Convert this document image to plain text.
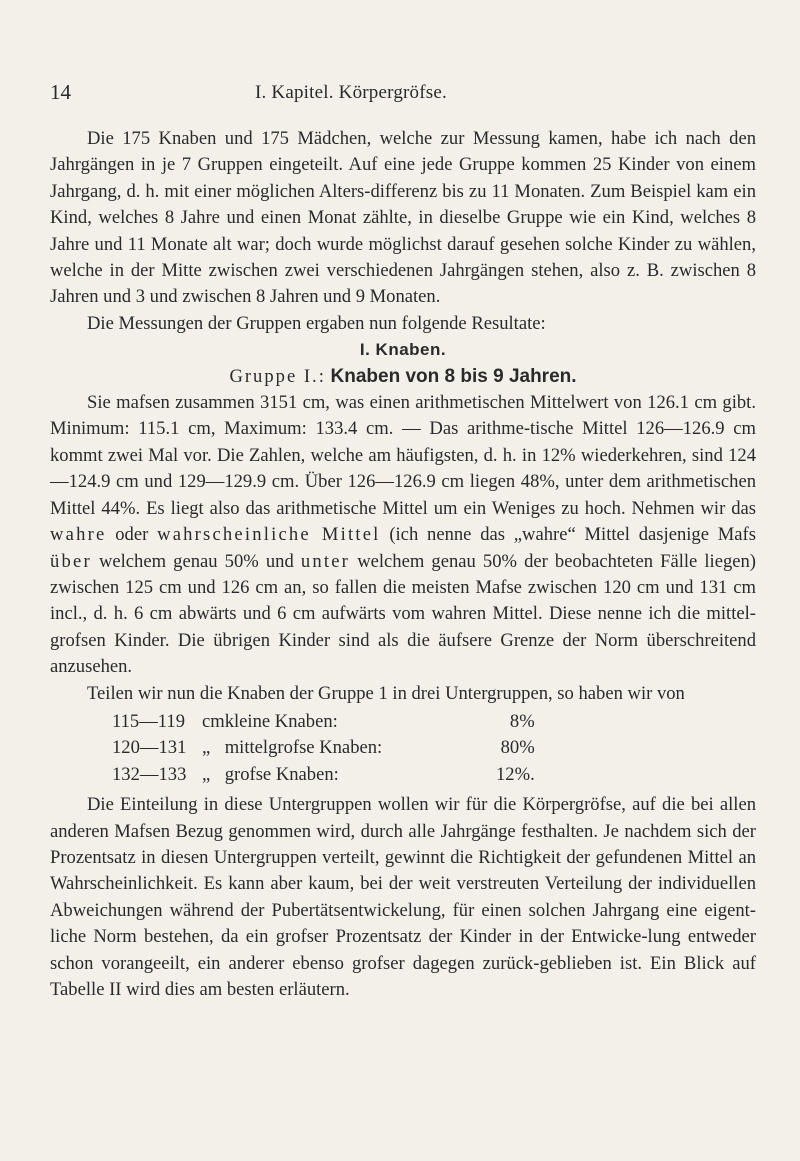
14	I. Kapitel. Körpergröfse.

Die 175 Knaben und 175 Mädchen, welche zur Messung kamen, habe ich nach den Jahrgängen in je 7 Gruppen eingeteilt. Auf eine jede Gruppe kommen 25 Kinder von einem Jahrgang, d. h. mit einer möglichen Alters-differenz bis zu 11 Monaten. Zum Beispiel kam ein Kind, welches 8 Jahre und einen Monat zählte, in dieselbe Gruppe wie ein Kind, welches 8 Jahre und 11 Monate alt war; doch wurde möglichst darauf gesehen solche Kinder zu wählen, welche in der Mitte zwischen zwei verschiedenen Jahrgängen stehen, also z. B. zwischen 8 Jahren und 3 und zwischen 8 Jahren und 9 Monaten.

Die Messungen der Gruppen ergaben nun folgende Resultate:

I. Knaben.

Gruppe I.: Knaben von 8 bis 9 Jahren.

Sie mafsen zusammen 3151 cm, was einen arithmetischen Mittelwert von 126.1 cm gibt. Minimum: 115.1 cm, Maximum: 133.4 cm. — Das arithme-tische Mittel 126—126.9 cm kommt zwei Mal vor. Die Zahlen, welche am häufigsten, d. h. in 12% wiederkehren, sind 124—124.9 cm und 129—129.9 cm. Über 126—126.9 cm liegen 48%, unter dem arithmetischen Mittel 44%. Es liegt also das arithmetische Mittel um ein Weniges zu hoch. Nehmen wir das wahre oder wahrscheinliche Mittel (ich nenne das „wahre“ Mittel dasjenige Mafs über welchem genau 50% und unter welchem genau 50% der beobachteten Fälle liegen) zwischen 125 cm und 126 cm an, so fallen die meisten Mafse zwischen 120 cm und 131 cm incl., d. h. 6 cm abwärts und 6 cm aufwärts vom wahren Mittel. Diese nenne ich die mittel-grofsen Kinder. Die übrigen Kinder sind als die äufsere Grenze der Norm überschreitend anzusehen.

Teilen wir nun die Knaben der Gruppe 1 in drei Untergruppen, so haben wir von

115—119	cm	kleine Knaben:	8%
120—131	„	mittelgrofse Knaben:	80%
132—133	„	grofse Knaben:	12%.

Die Einteilung in diese Untergruppen wollen wir für die Körpergröfse, auf die bei allen anderen Mafsen Bezug genommen wird, durch alle Jahrgänge festhalten. Je nachdem sich der Prozentsatz in diesen Untergruppen verteilt, gewinnt die Richtigkeit der gefundenen Mittel an Wahrscheinlichkeit. Es kann aber kaum, bei der weit verstreuten Verteilung der individuellen Abweichungen während der Pubertätsentwickelung, für einen solchen Jahrgang eine eigent-liche Norm bestehen, da ein grofser Prozentsatz der Kinder in der Entwicke-lung entweder schon vorangeeilt, ein anderer ebenso grofser dagegen zurück-geblieben ist. Ein Blick auf Tabelle II wird dies am besten erläutern.
